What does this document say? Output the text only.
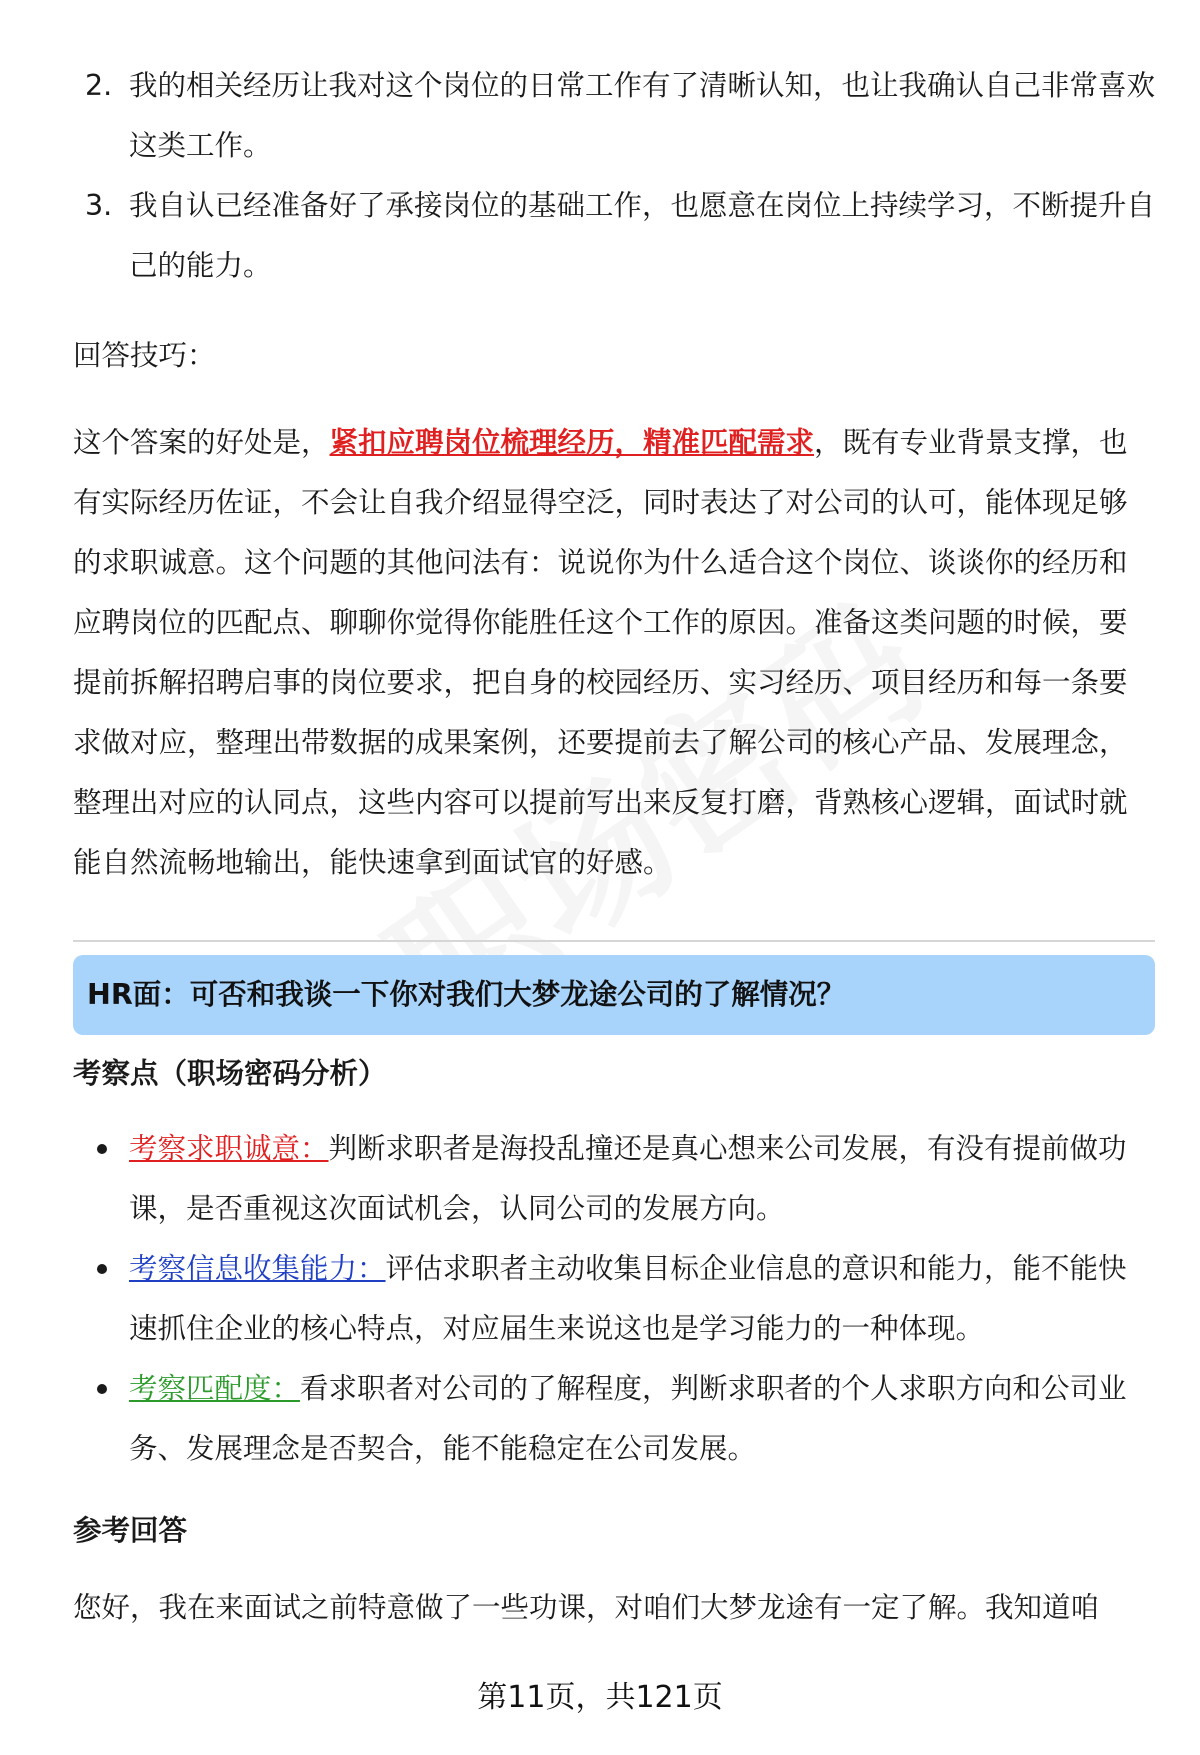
2. 我的相关经历让我对这个岗位的日常工作有了清晰认知，也让我确认自己非常喜欢这类工作。
3. 我自认已经准备好了承接岗位的基础工作，也愿意在岗位上持续学习，不断提升自己的能力。

回答技巧：

这个答案的好处是，紧扣应聘岗位梳理经历，精准匹配需求，既有专业背景支撑，也有实际经历佐证，不会让自我介绍显得空泛，同时表达了对公司的认可，能体现足够的求职诚意。这个问题的其他问法有：说说你为什么适合这个岗位、谈谈你的经历和应聘岗位的匹配点、聊聊你觉得你能胜任这个工作的原因。准备这类问题的时候，要提前拆解招聘启事的岗位要求，把自身的校园经历、实习经历、项目经历和每一条要求做对应，整理出带数据的成果案例，还要提前去了解公司的核心产品、发展理念，整理出对应的认同点，这些内容可以提前写出来反复打磨，背熟核心逻辑，面试时就能自然流畅地输出，能快速拿到面试官的好感。

HR面：可否和我谈一下你对我们大梦龙途公司的了解情况？

考察点（职场密码分析）

考察求职诚意：判断求职者是海投乱撞还是真心想来公司发展，有没有提前做功课，是否重视这次面试机会，认同公司的发展方向。
考察信息收集能力：评估求职者主动收集目标企业信息的意识和能力，能不能快速抓住企业的核心特点，对应届生来说这也是学习能力的一种体现。
考察匹配度：看求职者对公司的了解程度，判断求职者的个人求职方向和公司业务、发展理念是否契合，能不能稳定在公司发展。

参考回答

您好，我在来面试之前特意做了一些功课，对咱们大梦龙途有一定了解。我知道咱

第11页，共121页
